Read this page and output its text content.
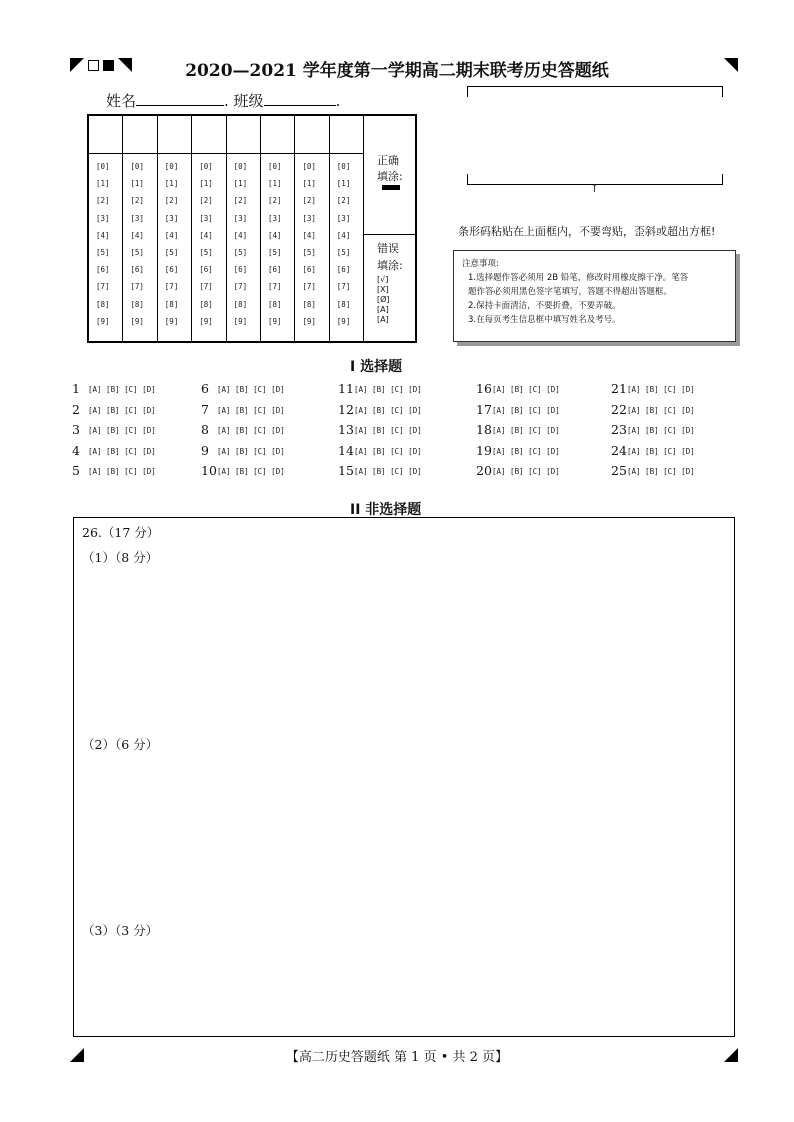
2020—2021 学年度第一学期高二期末联考历史答题纸
姓名	. 班级	.
正确
填涂:
错误
填涂:
[√]
[X]
[Ø]
[A]
[A]
[0]
[1]
[2]
[3]
[4]
[5]
[6]
[7]
[8]
[9]
[0]
[1]
[2]
[3]
[4]
[5]
[6]
[7]
[8]
[9]
[0]
[1]
[2]
[3]
[4]
[5]
[6]
[7]
[8]
[9]
[0]
[1]
[2]
[3]
[4]
[5]
[6]
[7]
[8]
[9]
[0]
[1]
[2]
[3]
[4]
[5]
[6]
[7]
[8]
[9]
[0]
[1]
[2]
[3]
[4]
[5]
[6]
[7]
[8]
[9]
[0]
[1]
[2]
[3]
[4]
[5]
[6]
[7]
[8]
[9]
[0]
[1]
[2]
[3]
[4]
[5]
[6]
[7]
[8]
[9]
↑
条形码粘贴在上面框内，不要弯贴，歪斜或超出方框!
注意事项:
1.选择题作答必须用 2B 铅笔，修改时用橡皮擦干净。笔答
题作答必须用黑色签字笔填写，答题不得超出答题框。
2.保持卡面清洁，不要折叠，不要弄破。
3.在每页考生信息框中填写姓名及考号。
I 选择题
1 [A] [B] [C] [D]
2 [A] [B] [C] [D]
3 [A] [B] [C] [D]
4 [A] [B] [C] [D]
5 [A] [B] [C] [D]
6 [A] [B] [C] [D]
7 [A] [B] [C] [D]
8 [A] [B] [C] [D]
9 [A] [B] [C] [D]
10 [A] [B] [C] [D]
11 [A] [B] [C] [D]
12 [A] [B] [C] [D]
13 [A] [B] [C] [D]
14 [A] [B] [C] [D]
15 [A] [B] [C] [D]
16 [A] [B] [C] [D]
17 [A] [B] [C] [D]
18 [A] [B] [C] [D]
19 [A] [B] [C] [D]
20 [A] [B] [C] [D]
21 [A] [B] [C] [D]
22 [A] [B] [C] [D]
23 [A] [B] [C] [D]
24 [A] [B] [C] [D]
25 [A] [B] [C] [D]
II 非选择题
26.（17 分）
（1）（8 分）
（2）（6 分）
（3）（3 分）
【高二历史答题纸 第 1 页 • 共 2 页】
